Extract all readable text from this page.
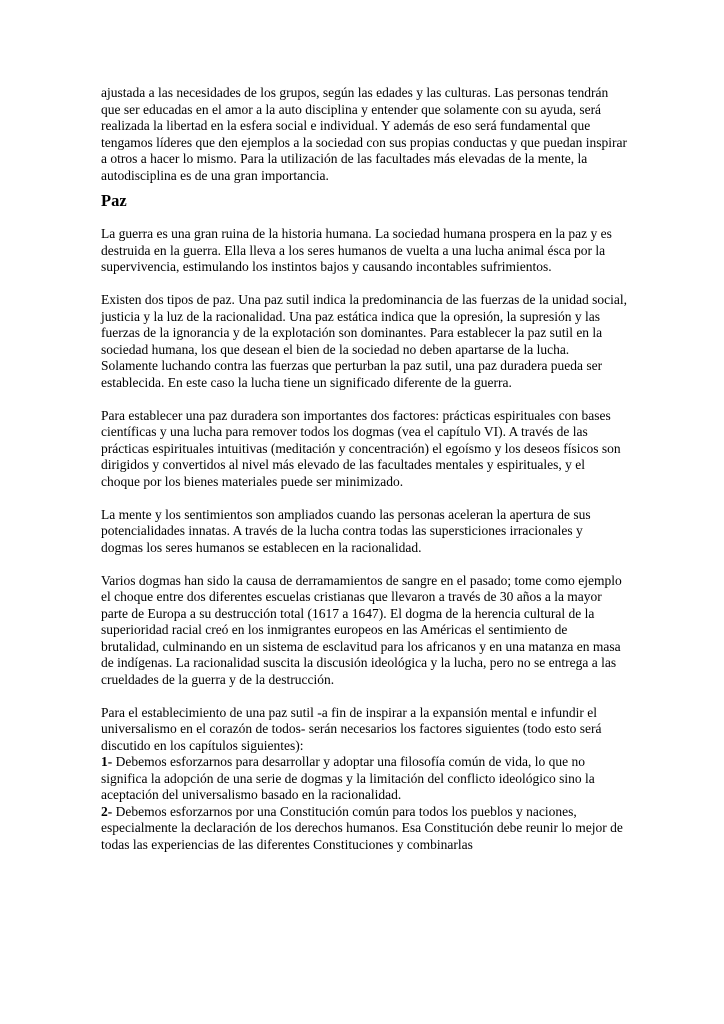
ajustada a las necesidades de los grupos, según las edades y las culturas. Las personas tendrán que ser educadas en el amor a la auto disciplina y entender que solamente con su ayuda, será realizada la libertad en la esfera social e individual. Y además de eso será fundamental que tengamos líderes que den ejemplos a la sociedad con sus propias conductas y que puedan inspirar a otros a hacer lo mismo. Para la utilización de las facultades más elevadas de la mente, la autodisciplina es de una gran importancia.

Paz

La guerra es una gran ruina de la historia humana. La sociedad humana prospera en la paz y es destruida en la guerra. Ella lleva a los seres humanos de vuelta a una lucha animal ésca por la supervivencia, estimulando los instintos bajos y causando incontables sufrimientos.

Existen dos tipos de paz. Una paz sutil indica la predominancia de las fuerzas de la unidad social, justicia y la luz de la racionalidad. Una paz estática indica que la opresión, la supresión y las fuerzas de la ignorancia y de la explotación son dominantes. Para establecer la paz sutil en la sociedad humana, los que desean el bien de la sociedad no deben apartarse de la lucha. Solamente luchando contra las fuerzas que perturban la paz sutil, una paz duradera pueda ser establecida. En este caso la lucha tiene un significado diferente de la guerra.

Para establecer una paz duradera son importantes dos factores: prácticas espirituales con bases científicas y una lucha para remover todos los dogmas (vea el capítulo VI). A través de las prácticas espirituales intuitivas (meditación y concentración) el egoísmo y los deseos físicos son dirigidos y convertidos al nivel más elevado de las facultades mentales y espirituales, y el choque por los bienes materiales puede ser minimizado.

La mente y los sentimientos son ampliados cuando las personas aceleran la apertura de sus potencialidades innatas. A través de la lucha contra todas las supersticiones irracionales y dogmas los seres humanos se establecen en la racionalidad.

Varios dogmas han sido la causa de derramamientos de sangre en el pasado; tome como ejemplo el choque entre dos diferentes escuelas cristianas que llevaron a través de 30 años a la mayor parte de Europa a su destrucción total (1617 a 1647). El dogma de la herencia cultural de la superioridad racial creó en los inmigrantes europeos en las Américas el sentimiento de brutalidad, culminando en un sistema de esclavitud para los africanos y en una matanza en masa de indígenas. La racionalidad suscita la discusión ideológica y la lucha, pero no se entrega a las crueldades de la guerra y de la destrucción.

Para el establecimiento de una paz sutil -a fin de inspirar a la expansión mental e infundir el universalismo en el corazón de todos- serán necesarios los factores siguientes (todo esto será discutido en los capítulos siguientes):
1- Debemos esforzarnos para desarrollar y adoptar una filosofía común de vida, lo que no significa la adopción de una serie de dogmas y la limitación del conflicto ideológico sino la aceptación del universalismo basado en la racionalidad.
2- Debemos esforzarnos por una Constitución común para todos los pueblos y naciones, especialmente la declaración de los derechos humanos. Esa Constitución debe reunir lo mejor de todas las experiencias de las diferentes Constituciones y combinarlas
